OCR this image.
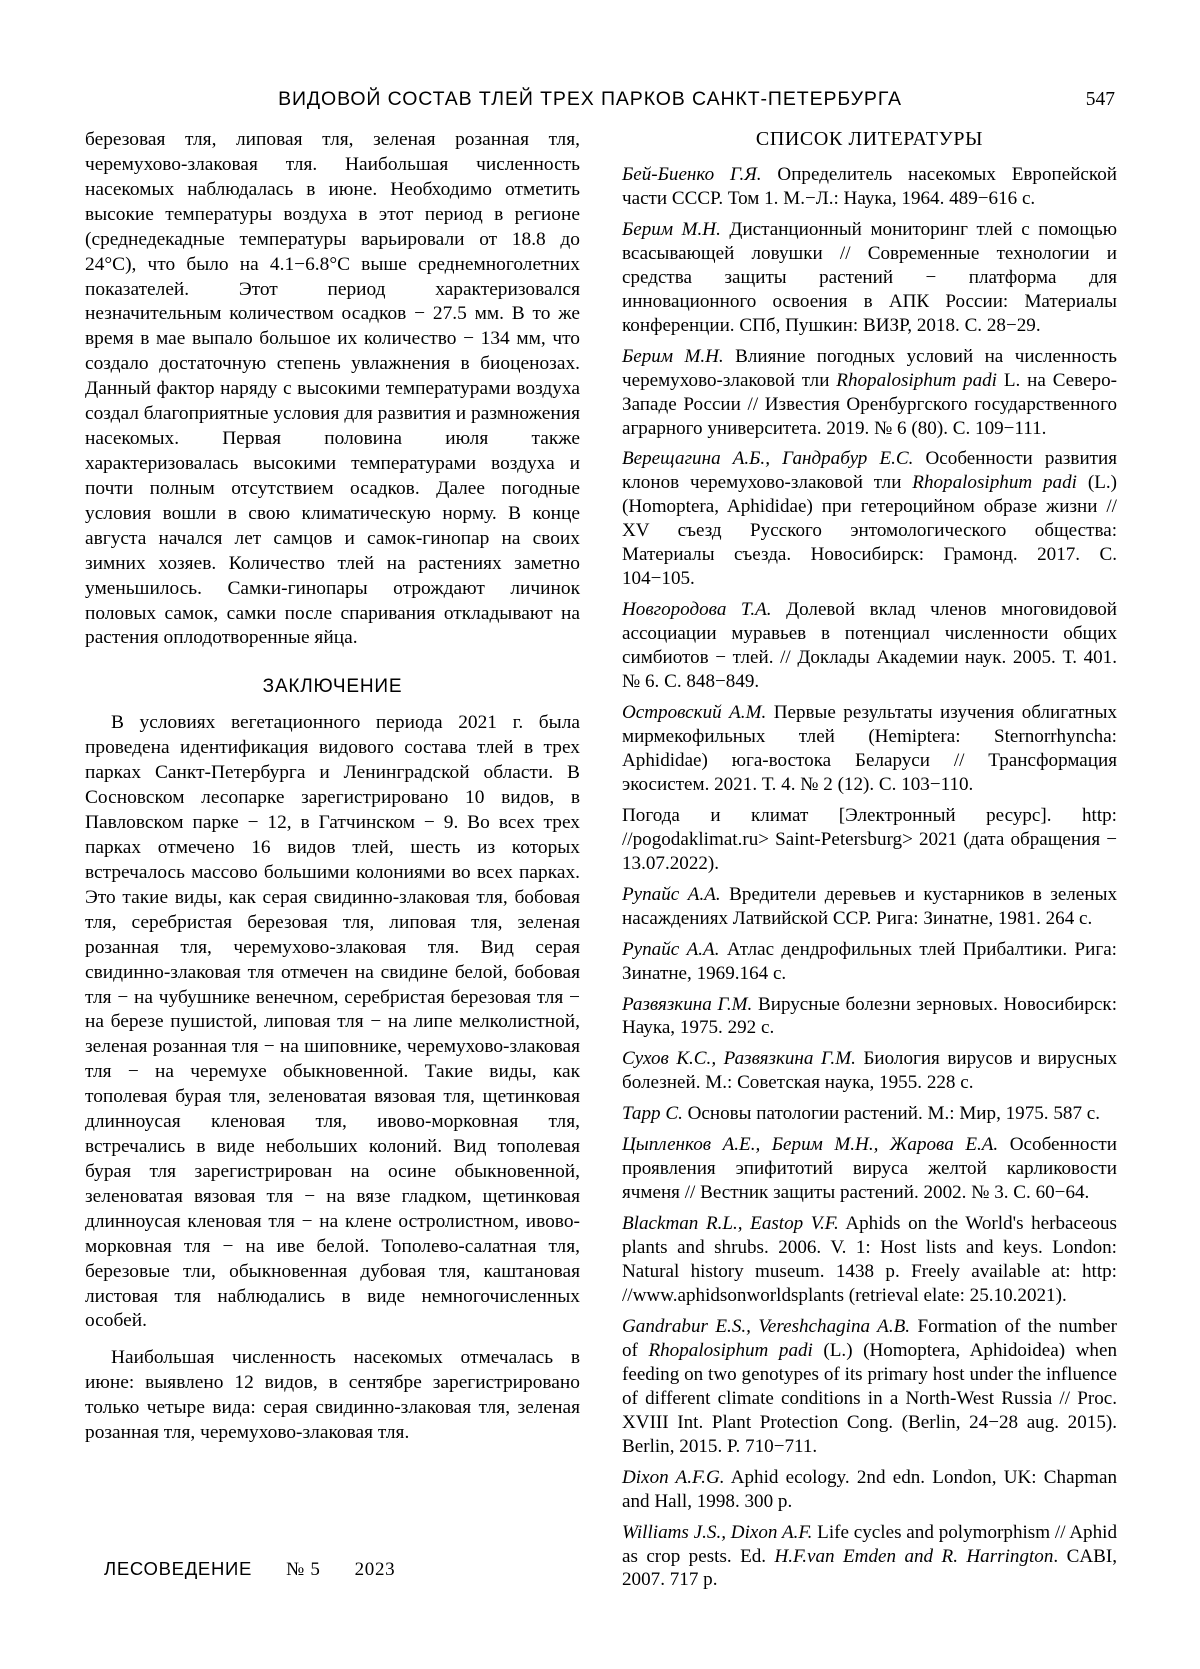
ВИДОВОЙ СОСТАВ ТЛЕЙ ТРЕХ ПАРКОВ САНКТ-ПЕТЕРБУРГА	547

березовая тля, липовая тля, зеленая розанная тля, черемухово-злаковая тля. Наибольшая численность насекомых наблюдалась в июне. Необходимо отметить высокие температуры воздуха в этот период в регионе (среднедекадные температуры варьировали от 18.8 до 24°C), что было на 4.1−6.8°C выше среднемноголетних показателей. Этот период характеризовался незначительным количеством осадков − 27.5 мм. В то же время в мае выпало большое их количество − 134 мм, что создало достаточную степень увлажнения в биоценозах. Данный фактор наряду с высокими температурами воздуха создал благоприятные условия для развития и размножения насекомых. Первая половина июля также характеризовалась высокими температурами воздуха и почти полным отсутствием осадков. Далее погодные условия вошли в свою климатическую норму. В конце августа начался лет самцов и самок-гинопар на своих зимних хозяев. Количество тлей на растениях заметно уменьшилось. Самки-гинопары отрождают личинок половых самок, самки после спаривания откладывают на растения оплодотворенные яйца.

ЗАКЛЮЧЕНИЕ

В условиях вегетационного периода 2021 г. была проведена идентификация видового состава тлей в трех парках Санкт-Петербурга и Ленинградской области. В Сосновском лесопарке зарегистрировано 10 видов, в Павловском парке − 12, в Гатчинском − 9. Во всех трех парках отмечено 16 видов тлей, шесть из которых встречалось массово большими колониями во всех парках. Это такие виды, как серая свидинно-злаковая тля, бобовая тля, серебристая березовая тля, липовая тля, зеленая розанная тля, черемухово-злаковая тля. Вид серая свидинно-злаковая тля отмечен на свидине белой, бобовая тля − на чубушнике венечном, серебристая березовая тля − на березе пушистой, липовая тля − на липе мелколистной, зеленая розанная тля − на шиповнике, черемухово-злаковая тля − на черемухе обыкновенной. Такие виды, как тополевая бурая тля, зеленоватая вязовая тля, щетинковая длинноусая кленовая тля, ивово-морковная тля, встречались в виде небольших колоний. Вид тополевая бурая тля зарегистрирован на осине обыкновенной, зеленоватая вязовая тля − на вязе гладком, щетинковая длинноусая кленовая тля − на клене остролистном, ивово-морковная тля − на иве белой. Тополево-салатная тля, березовые тли, обыкновенная дубовая тля, каштановая листовая тля наблюдались в виде немногочисленных особей.

Наибольшая численность насекомых отмечалась в июне: выявлено 12 видов, в сентябре зарегистрировано только четыре вида: серая свидинно-злаковая тля, зеленая розанная тля, черемухово-злаковая тля.

СПИСОК ЛИТЕРАТУРЫ

Бей-Биенко Г.Я. Определитель насекомых Европейской части СССР. Том 1. М.−Л.: Наука, 1964. 489−616 с.

Берим М.Н. Дистанционный мониторинг тлей с помощью всасывающей ловушки // Современные технологии и средства защиты растений − платформа для инновационного освоения в АПК России: Материалы конференции. СПб, Пушкин: ВИЗР, 2018. С. 28−29.

Берим М.Н. Влияние погодных условий на численность черемухово-злаковой тли Rhopalosiphum padi L. на Северо-Западе России // Известия Оренбургского государственного аграрного университета. 2019. № 6 (80). С. 109−111.

Верещагина А.Б., Гандрабур Е.С. Особенности развития клонов черемухово-злаковой тли Rhopalosiphum padi (L.) (Homoptera, Aphididae) при гетероцийном образе жизни // XV съезд Русского энтомологического общества: Материалы съезда. Новосибирск: Грамонд. 2017. С. 104−105.

Новгородова Т.А. Долевой вклад членов многовидовой ассоциации муравьев в потенциал численности общих симбиотов − тлей. // Доклады Академии наук. 2005. Т. 401. № 6. С. 848−849.

Островский А.М. Первые результаты изучения облигатных мирмекофильных тлей (Hemiptera: Sternorrhyncha: Aphididae) юга-востока Беларуси // Трансформация экосистем. 2021. Т. 4. № 2 (12). С. 103−110.

Погода и климат [Электронный ресурс]. http: //pogodaklimat.ru> Saint-Petersburg> 2021 (дата обращения − 13.07.2022).

Рупайс А.А. Вредители деревьев и кустарников в зеленых насаждениях Латвийской ССР. Рига: Зинатне, 1981. 264 с.

Рупайс А.А. Атлас дендрофильных тлей Прибалтики. Рига: Зинатне, 1969.164 с.

Развязкина Г.М. Вирусные болезни зерновых. Новосибирск: Наука, 1975. 292 с.

Сухов К.С., Развязкина Г.М. Биология вирусов и вирусных болезней. М.: Советская наука, 1955. 228 с.

Тарр С. Основы патологии растений. М.: Мир, 1975. 587 с.

Цыпленков А.Е., Берим М.Н., Жарова Е.А. Особенности проявления эпифитотий вируса желтой карликовости ячменя // Вестник защиты растений. 2002. № 3. С. 60−64.

Blackman R.L., Eastop V.F. Aphids on the World's herbaceous plants and shrubs. 2006. V. 1: Host lists and keys. London: Natural history museum. 1438 p. Freely available at: http: //www.aphidsonworldsplants (retrieval elate: 25.10.2021).

Gandrabur E.S., Vereshchagina A.B. Formation of the number of Rhopalosiphum padi (L.) (Homoptera, Aphidoidea) when feeding on two genotypes of its primary host under the influence of different climate conditions in a North-West Russia // Proc. XVIII Int. Plant Protection Cong. (Berlin, 24−28 aug. 2015). Berlin, 2015. P. 710−711.

Dixon A.F.G. Aphid ecology. 2nd edn. London, UK: Chapman and Hall, 1998. 300 p.

Williams J.S., Dixon A.F. Life cycles and polymorphism // Aphid as crop pests. Ed. H.F.van Emden and R. Harrington. CABI, 2007. 717 p.

ЛЕСОВЕДЕНИЕ № 5 2023
